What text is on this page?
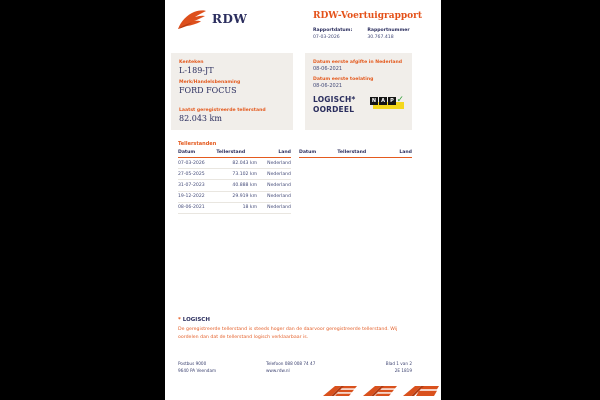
RDW	RDW-Voertuigrapport
Rapportdatum:
07-03-2026
Rapportnummer
30.767.418
Kenteken
L-189-JT
Merk/Handelsbenaming
FORD FOCUS
Laatst geregistreerde tellerstand
82.043 km
Datum eerste afgifte in Nederland
08-06-2021
Datum eerste toelating
08-06-2021
LOGISCH*
OORDEEL
N A	P ✓
Tellerstanden
Datum	Tellerstand	Land
07-03-2026	82.043 km	Nederland
27-05-2025	73.102 km	Nederland
31-07-2023	40.888 km	Nederland
19-12-2022	29.919 km	Nederland
08-06-2021	18 km	Nederland
Datum	Tellerstand	Land
* LOGISCH
De geregistreerde tellerstand is steeds hoger dan de daarvoor geregistreerde tellerstand. Wij oordelen dan dat de tellerstand logisch verklaarbaar is.
Postbus 9000
9640 PA Veendam
Telefoon 088 008 74 47
www.rdw.nl
Blad 1 van 2
2E 1819
